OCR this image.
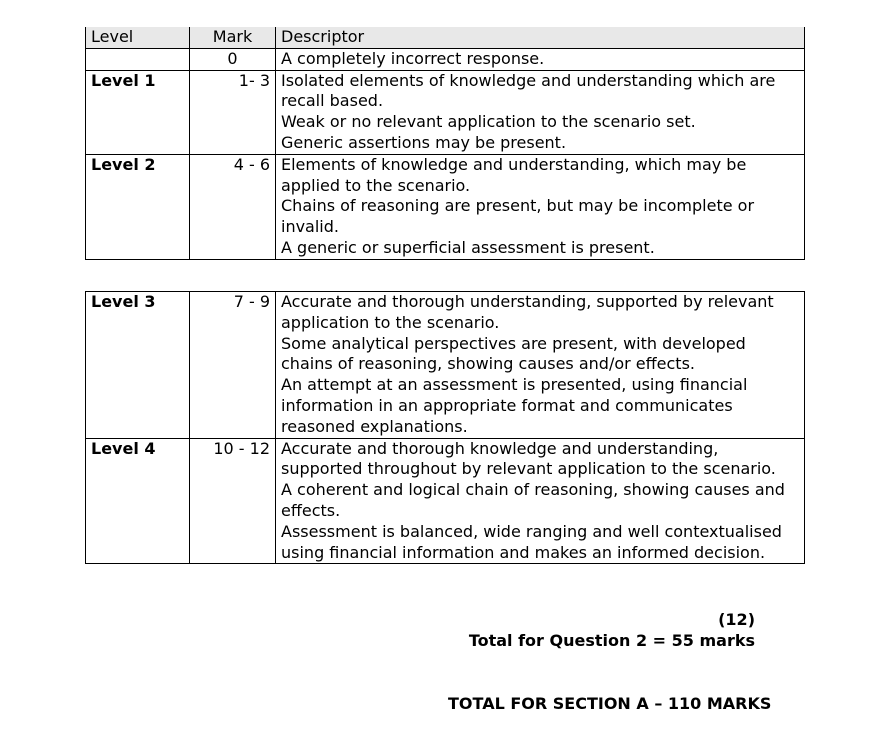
Level	Mark	Descriptor
	0	A completely incorrect response.

Level 1	1- 3	Isolated elements of knowledge and understanding which are recall based.

Weak or no relevant application to the scenario set.

Generic assertions may be present.

Level 2	4 - 6	Elements of knowledge and understanding, which may be applied to the scenario.

Chains of reasoning are present, but may be incomplete or invalid.

A generic or superficial assessment is present.

Level 3	7 - 9	Accurate and thorough understanding, supported by relevant application to the scenario.

Some analytical perspectives are present, with developed chains of reasoning, showing causes and/or effects.

An attempt at an assessment is presented, using financial information in an appropriate format and communicates reasoned explanations.

Level 4	10 - 12	Accurate and thorough knowledge and understanding, supported throughout by relevant application to the scenario.

A coherent and logical chain of reasoning, showing causes and effects.

Assessment is balanced, wide ranging and well contextualised using financial information and makes an informed decision.

(12)
Total for Question 2 = 55 marks
TOTAL FOR SECTION A – 110 MARKS
